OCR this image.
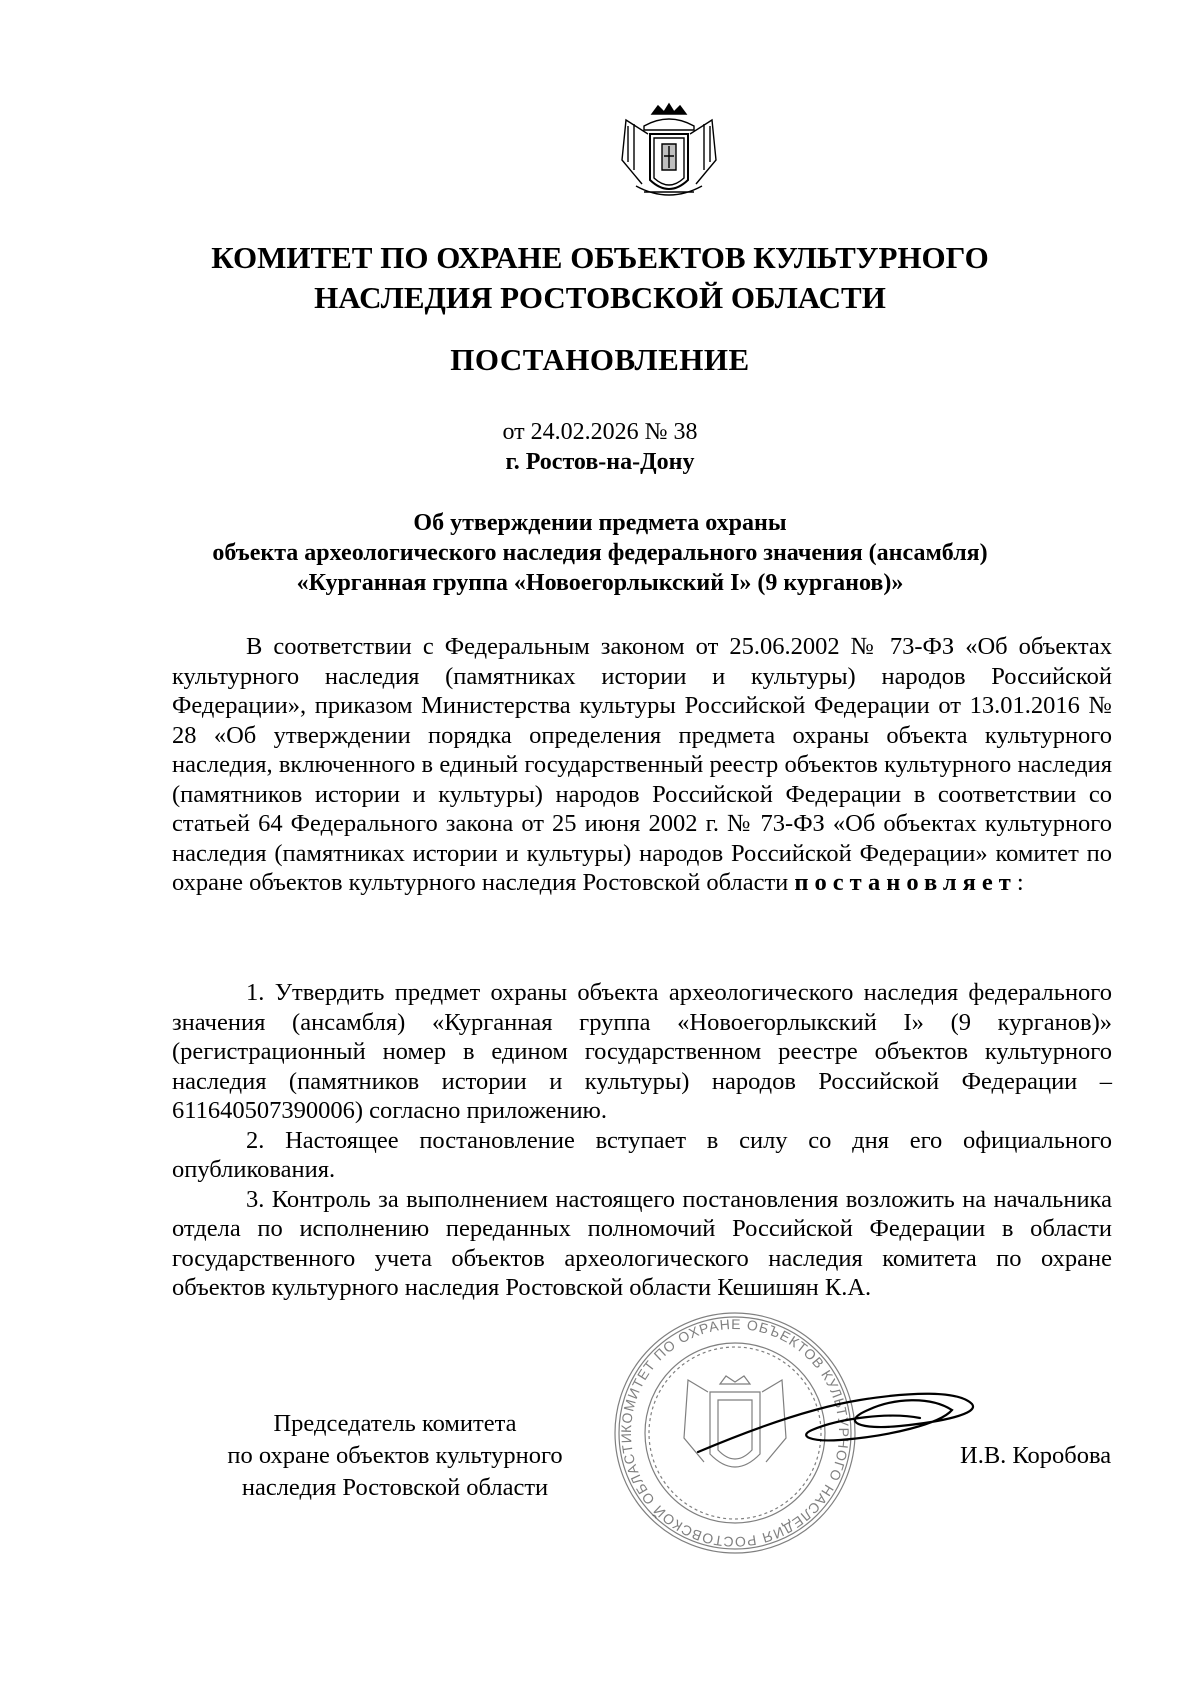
КОМИТЕТ ПО ОХРАНЕ ОБЪЕКТОВ КУЛЬТУРНОГО
НАСЛЕДИЯ РОСТОВСКОЙ ОБЛАСТИ
ПОСТАНОВЛЕНИЕ
от 24.02.2026 № 38
г. Ростов-на-Дону
Об утверждении предмета охраны
объекта археологического наследия федерального значения (ансамбля)
«Курганная группа «Новоегорлыкский I» (9 курганов)»

В соответствии с Федеральным законом от 25.06.2002 № 73-ФЗ «Об объектах культурного наследия (памятниках истории и культуры) народов Российской Федерации», приказом Министерства культуры Российской Федерации от 13.01.2016 № 28 «Об утверждении порядка определения предмета охраны объекта культурного наследия, включенного в единый государственный реестр объектов культурного наследия (памятников истории и культуры) народов Российской Федерации в соответствии со статьей 64 Федерального закона от 25 июня 2002 г. № 73-ФЗ «Об объектах культурного наследия (памятниках истории и культуры) народов Российской Федерации» комитет по охране объектов культурного наследия Ростовской области постановляет:

1. Утвердить предмет охраны объекта археологического наследия федерального значения (ансамбля) «Курганная группа «Новоегорлыкский I» (9 курганов)» (регистрационный номер в едином государственном реестре объектов культурного наследия (памятников истории и культуры) народов Российской Федерации – 611640507390006) согласно приложению.

2. Настоящее постановление вступает в силу со дня его официального опубликования.

3. Контроль за выполнением настоящего постановления возложить на начальника отдела по исполнению переданных полномочий Российской Федерации в области государственного учета объектов археологического наследия комитета по охране объектов культурного наследия Ростовской области Кешишян К.А.

КОМИТЕТ ПО ОХРАНЕ ОБЪЕКТОВ КУЛЬТУРНОГО НАСЛЕДИЯ РОСТОВСКОЙ ОБЛАСТИ
Председатель комитета
по охране объектов культурного
наследия Ростовской области
И.В. Коробова
